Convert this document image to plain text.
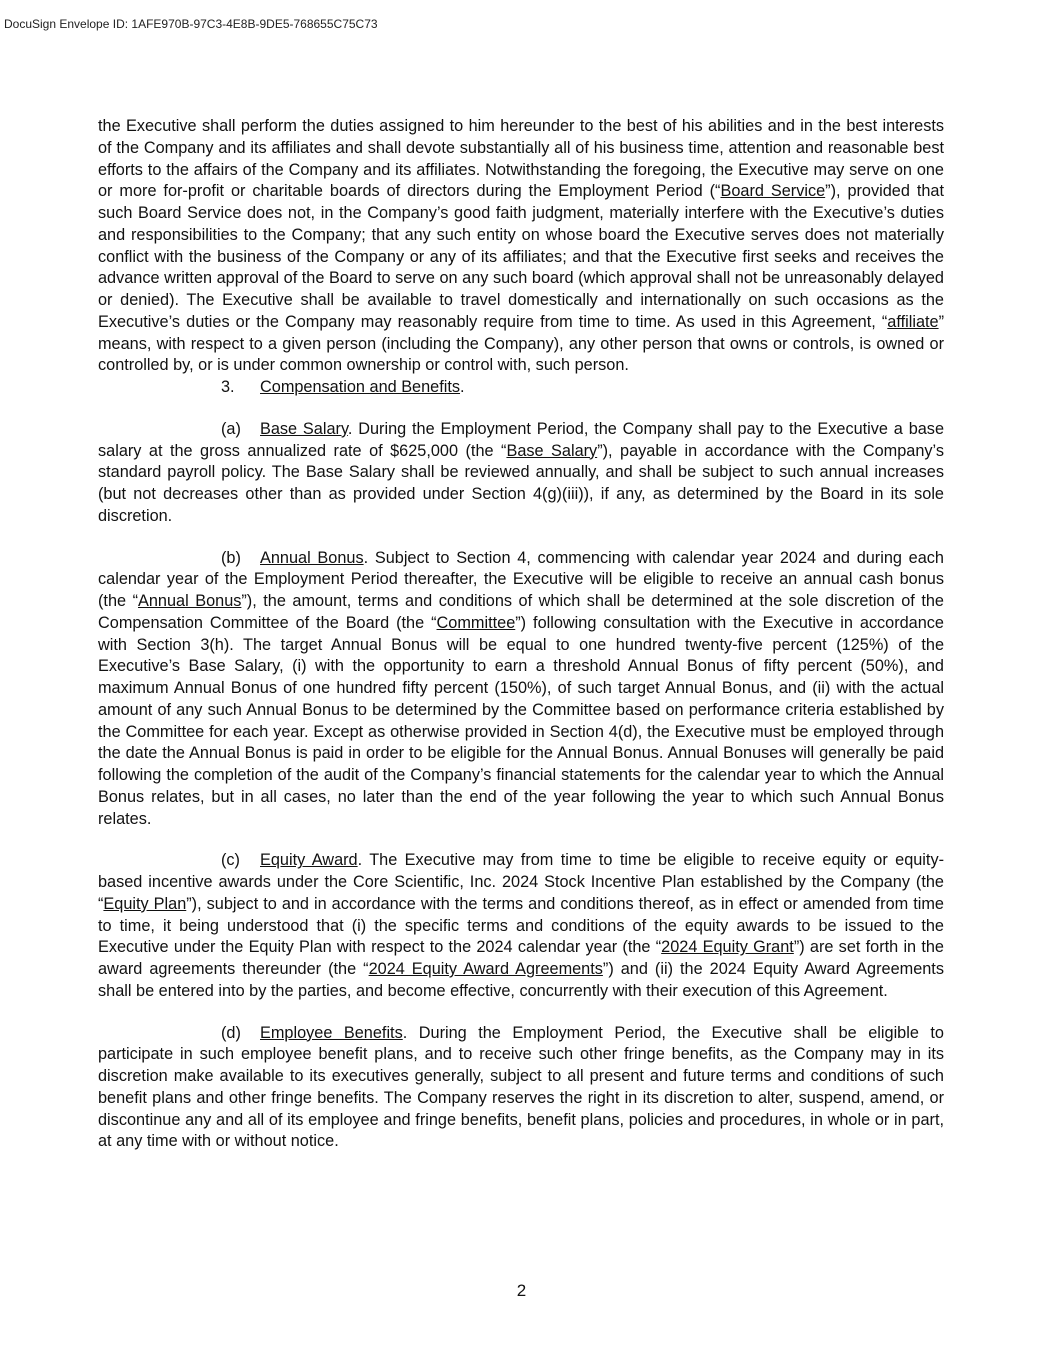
DocuSign Envelope ID: 1AFE970B-97C3-4E8B-9DE5-768655C75C73

the Executive shall perform the duties assigned to him hereunder to the best of his abilities and in the best interests of the Company and its affiliates and shall devote substantially all of his business time, attention and reasonable best efforts to the affairs of the Company and its affiliates. Notwithstanding the foregoing, the Executive may serve on one or more for-profit or charitable boards of directors during the Employment Period (“Board Service”), provided that such Board Service does not, in the Company’s good faith judgment, materially interfere with the Executive’s duties and responsibilities to the Company; that any such entity on whose board the Executive serves does not materially conflict with the business of the Company or any of its affiliates; and that the Executive first seeks and receives the advance written approval of the Board to serve on any such board (which approval shall not be unreasonably delayed or denied). The Executive shall be available to travel domestically and internationally on such occasions as the Executive’s duties or the Company may reasonably require from time to time. As used in this Agreement, “affiliate” means, with respect to a given person (including the Company), any other person that owns or controls, is owned or controlled by, or is under common ownership or control with, such person.

3. Compensation and Benefits.

(a) Base Salary. During the Employment Period, the Company shall pay to the Executive a base salary at the gross annualized rate of $625,000 (the “Base Salary”), payable in accordance with the Company’s standard payroll policy. The Base Salary shall be reviewed annually, and shall be subject to such annual increases (but not decreases other than as provided under Section 4(g)(iii)), if any, as determined by the Board in its sole discretion.

(b) Annual Bonus. Subject to Section 4, commencing with calendar year 2024 and during each calendar year of the Employment Period thereafter, the Executive will be eligible to receive an annual cash bonus (the “Annual Bonus”), the amount, terms and conditions of which shall be determined at the sole discretion of the Compensation Committee of the Board (the “Committee”) following consultation with the Executive in accordance with Section 3(h). The target Annual Bonus will be equal to one hundred twenty-five percent (125%) of the Executive’s Base Salary, (i) with the opportunity to earn a threshold Annual Bonus of fifty percent (50%), and maximum Annual Bonus of one hundred fifty percent (150%), of such target Annual Bonus, and (ii) with the actual amount of any such Annual Bonus to be determined by the Committee based on performance criteria established by the Committee for each year. Except as otherwise provided in Section 4(d), the Executive must be employed through the date the Annual Bonus is paid in order to be eligible for the Annual Bonus. Annual Bonuses will generally be paid following the completion of the audit of the Company’s financial statements for the calendar year to which the Annual Bonus relates, but in all cases, no later than the end of the year following the year to which such Annual Bonus relates.

(c) Equity Award. The Executive may from time to time be eligible to receive equity or equity-based incentive awards under the Core Scientific, Inc. 2024 Stock Incentive Plan established by the Company (the “Equity Plan”), subject to and in accordance with the terms and conditions thereof, as in effect or amended from time to time, it being understood that (i) the specific terms and conditions of the equity awards to be issued to the Executive under the Equity Plan with respect to the 2024 calendar year (the “2024 Equity Grant”) are set forth in the award agreements thereunder (the “2024 Equity Award Agreements”) and (ii) the 2024 Equity Award Agreements shall be entered into by the parties, and become effective, concurrently with their execution of this Agreement.

(d) Employee Benefits. During the Employment Period, the Executive shall be eligible to participate in such employee benefit plans, and to receive such other fringe benefits, as the Company may in its discretion make available to its executives generally, subject to all present and future terms and conditions of such benefit plans and other fringe benefits. The Company reserves the right in its discretion to alter, suspend, amend, or discontinue any and all of its employee and fringe benefits, benefit plans, policies and procedures, in whole or in part, at any time with or without notice.

2
